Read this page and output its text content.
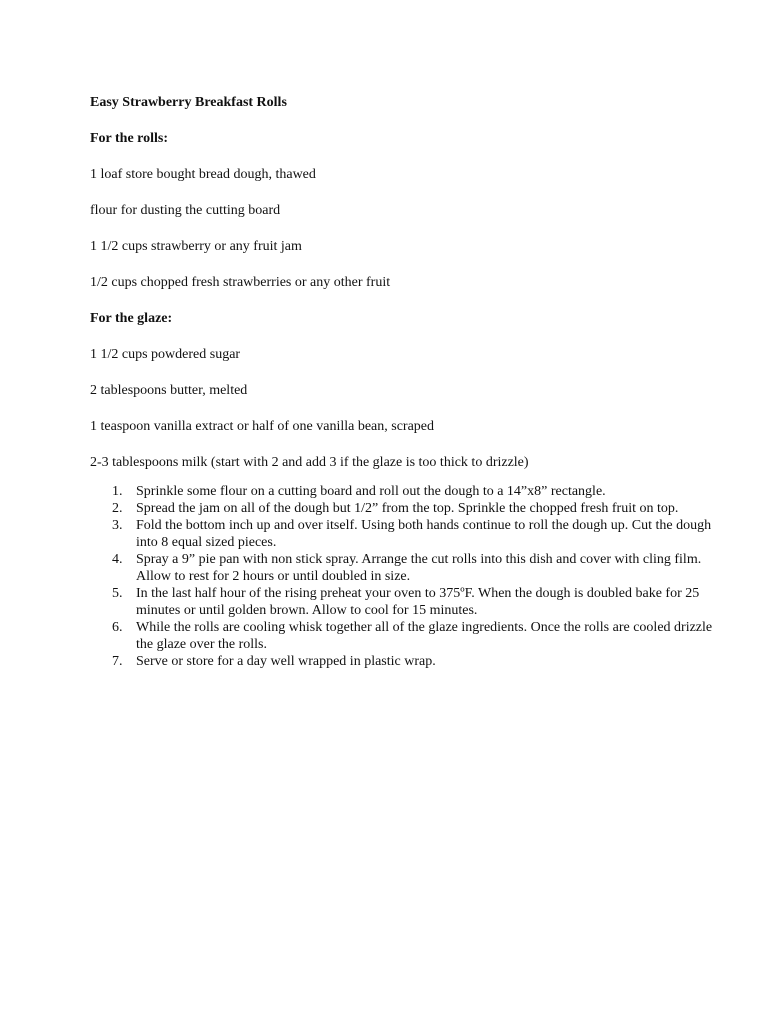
Easy Strawberry Breakfast Rolls

For the rolls:

1 loaf store bought bread dough, thawed

flour for dusting the cutting board

1 1/2 cups strawberry or any fruit jam

1/2 cups chopped fresh strawberries or any other fruit

For the glaze:

1 1/2 cups powdered sugar

2 tablespoons butter, melted

1 teaspoon vanilla extract or half of one vanilla bean, scraped

2-3 tablespoons milk (start with 2 and add 3 if the glaze is too thick to drizzle)

1. Sprinkle some flour on a cutting board and roll out the dough to a 14”x8” rectangle.
2. Spread the jam on all of the dough but 1/2” from the top. Sprinkle the chopped fresh fruit on top.
3. Fold the bottom inch up and over itself. Using both hands continue to roll the dough up. Cut the dough into 8 equal sized pieces.
4. Spray a 9” pie pan with non stick spray. Arrange the cut rolls into this dish and cover with cling film. Allow to rest for 2 hours or until doubled in size.
5. In the last half hour of the rising preheat your oven to 375ºF. When the dough is doubled bake for 25 minutes or until golden brown. Allow to cool for 15 minutes.
6. While the rolls are cooling whisk together all of the glaze ingredients. Once the rolls are cooled drizzle the glaze over the rolls.
7. Serve or store for a day well wrapped in plastic wrap.
